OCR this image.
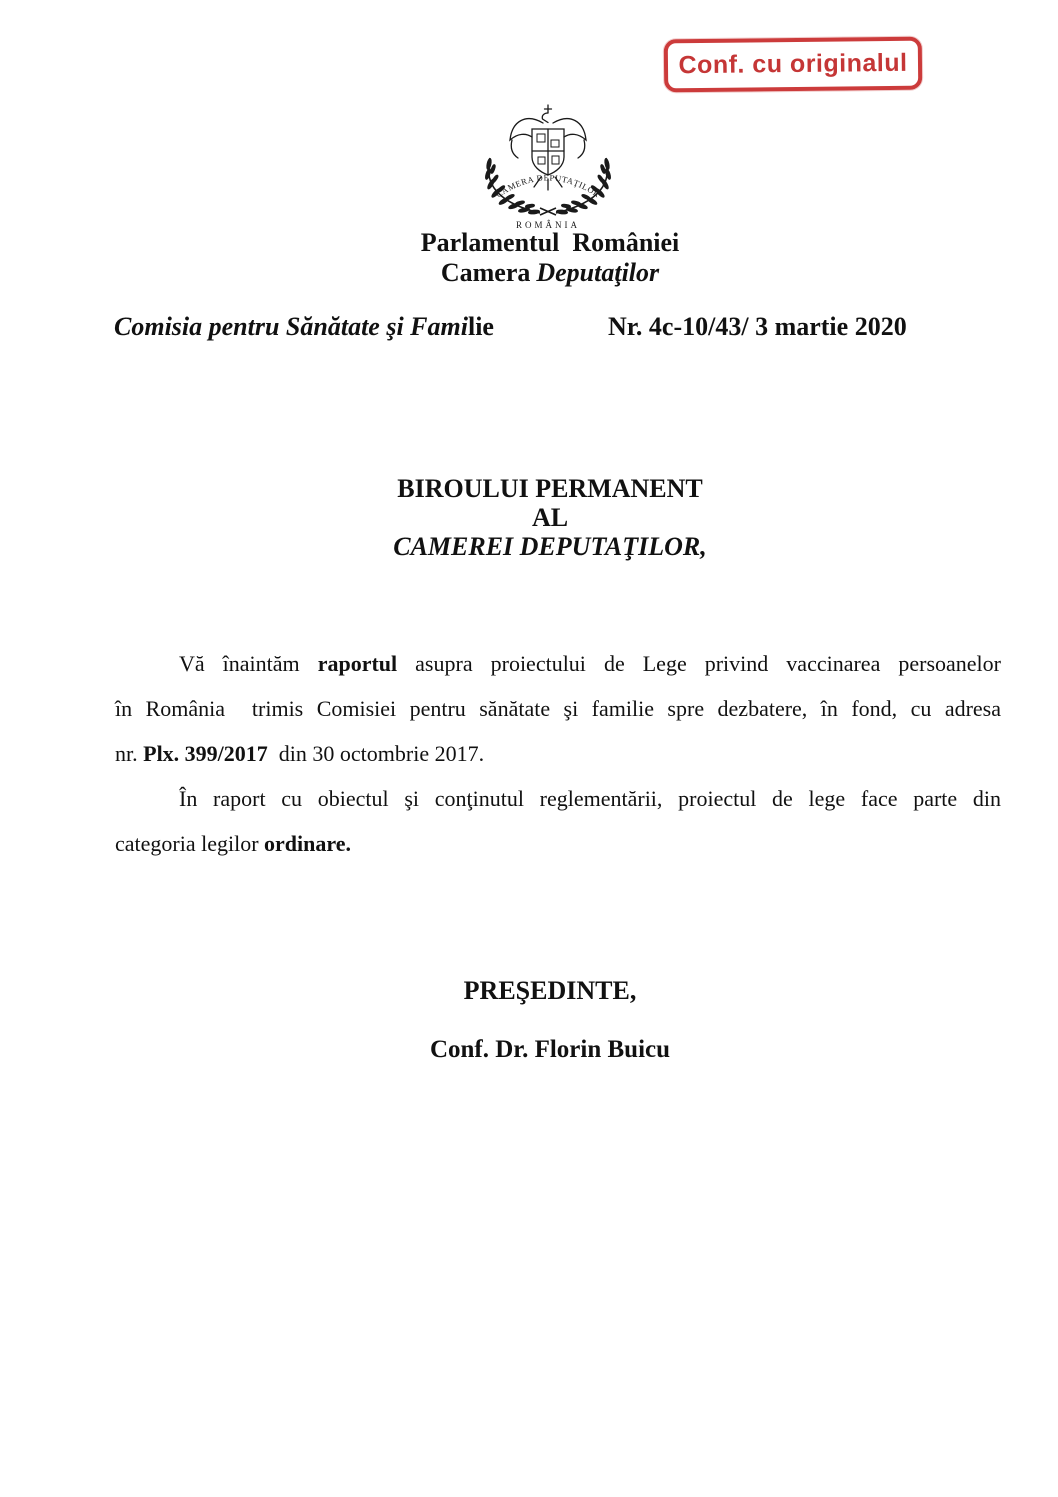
Conf. cu originalul
CAMERA DEPUTAŢILOR
ROMÂNIA
Parlamentul  României
Camera Deputaţilor
Comisia pentru Sănătate şi Familie	Nr. 4c-10/43/ 3 martie 2020
BIROULUI PERMANENT
AL
CAMEREI DEPUTAŢILOR,
Vă înaintăm raportul asupra proiectului de Lege privind vaccinarea persoanelor
în România  trimis Comisiei pentru sănătate şi familie spre dezbatere, în fond, cu adresa
nr. Plx. 399/2017  din 30 octombrie 2017.
În raport cu obiectul şi conţinutul reglementării, proiectul de lege face parte din
categoria legilor ordinare.
PREŞEDINTE,
Conf. Dr. Florin Buicu
